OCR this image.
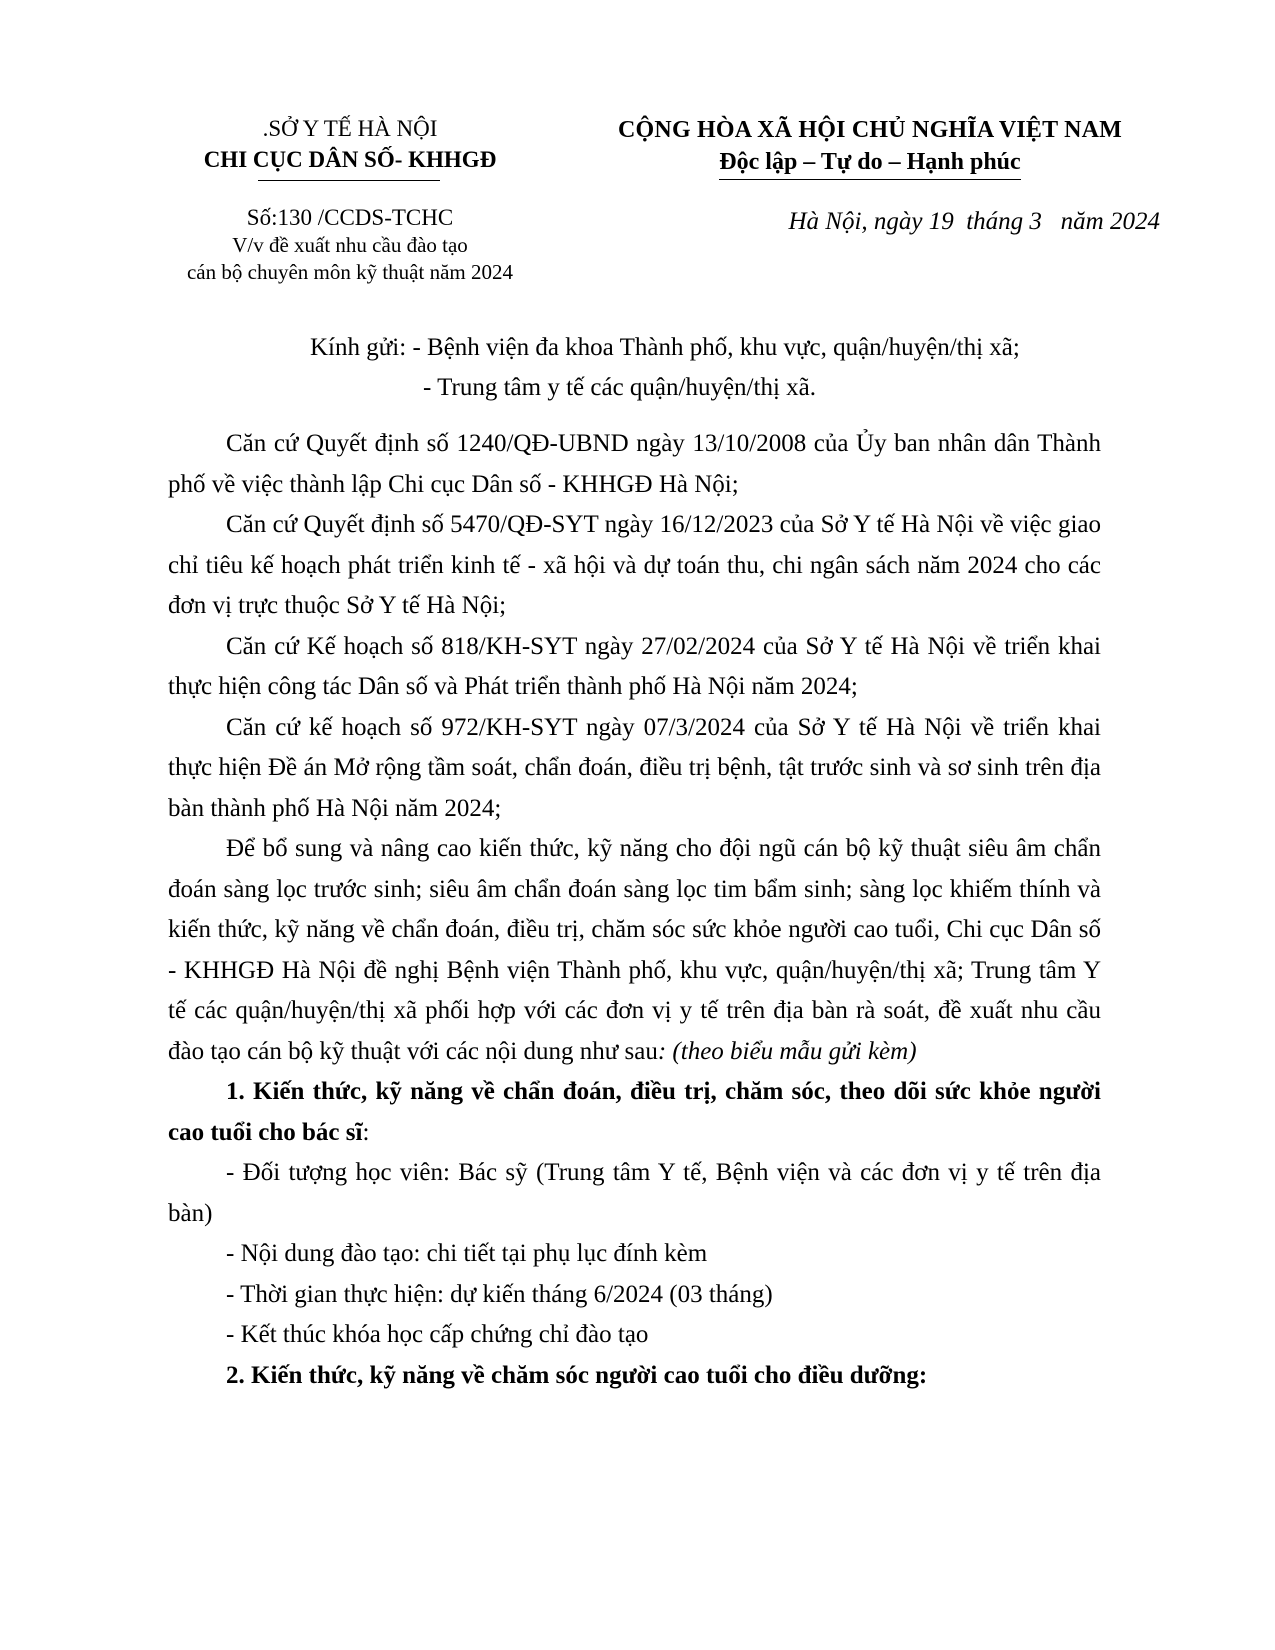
.SỞ Y TẾ HÀ NỘI
CHI CỤC DÂN SỐ- KHHGĐ
Số:130 /CCDS-TCHC
V/v đề xuất nhu cầu đào tạo
cán bộ chuyên môn kỹ thuật năm 2024
CỘNG HÒA XÃ HỘI CHỦ NGHĨA VIỆT NAM
Độc lập – Tự do – Hạnh phúc
Hà Nội, ngày 19  tháng 3   năm 2024
Kính gửi: - Bệnh viện đa khoa Thành phố, khu vực, quận/huyện/thị xã;
- Trung tâm y tế các quận/huyện/thị xã.

Căn cứ Quyết định số 1240/QĐ-UBND ngày 13/10/2008 của Ủy ban nhân dân Thành phố về việc thành lập Chi cục Dân số - KHHGĐ Hà Nội;

Căn cứ Quyết định số 5470/QĐ-SYT ngày 16/12/2023 của Sở Y tế Hà Nội về việc giao chỉ tiêu kế hoạch phát triển kinh tế - xã hội và dự toán thu, chi ngân sách năm 2024 cho các đơn vị trực thuộc Sở Y tế Hà Nội;

Căn cứ Kế hoạch số 818/KH-SYT ngày 27/02/2024 của Sở Y tế Hà Nội về triển khai thực hiện công tác Dân số và Phát triển thành phố Hà Nội năm 2024;

Căn cứ kế hoạch số 972/KH-SYT ngày 07/3/2024 của Sở Y tế Hà Nội về triển khai thực hiện Đề án Mở rộng tầm soát, chẩn đoán, điều trị bệnh, tật trước sinh và sơ sinh trên địa bàn thành phố Hà Nội năm 2024;

Để bổ sung và nâng cao kiến thức, kỹ năng cho đội ngũ cán bộ kỹ thuật siêu âm chẩn đoán sàng lọc trước sinh; siêu âm chẩn đoán sàng lọc tim bẩm sinh; sàng lọc khiếm thính và kiến thức, kỹ năng về chẩn đoán, điều trị, chăm sóc sức khỏe người cao tuổi, Chi cục Dân số - KHHGĐ Hà Nội đề nghị Bệnh viện Thành phố, khu vực, quận/huyện/thị xã; Trung tâm Y tế các quận/huyện/thị xã phối hợp với các đơn vị y tế trên địa bàn rà soát, đề xuất nhu cầu đào tạo cán bộ kỹ thuật với các nội dung như sau: (theo biểu mẫu gửi kèm)

1. Kiến thức, kỹ năng về chẩn đoán, điều trị, chăm sóc, theo dõi sức khỏe người cao tuổi cho bác sĩ:

- Đối tượng học viên: Bác sỹ (Trung tâm Y tế, Bệnh viện và các đơn vị y tế trên địa bàn)

- Nội dung đào tạo: chi tiết tại phụ lục đính kèm

- Thời gian thực hiện: dự kiến tháng 6/2024 (03 tháng)

- Kết thúc khóa học cấp chứng chỉ đào tạo

2. Kiến thức, kỹ năng về chăm sóc người cao tuổi cho điều dưỡng:
